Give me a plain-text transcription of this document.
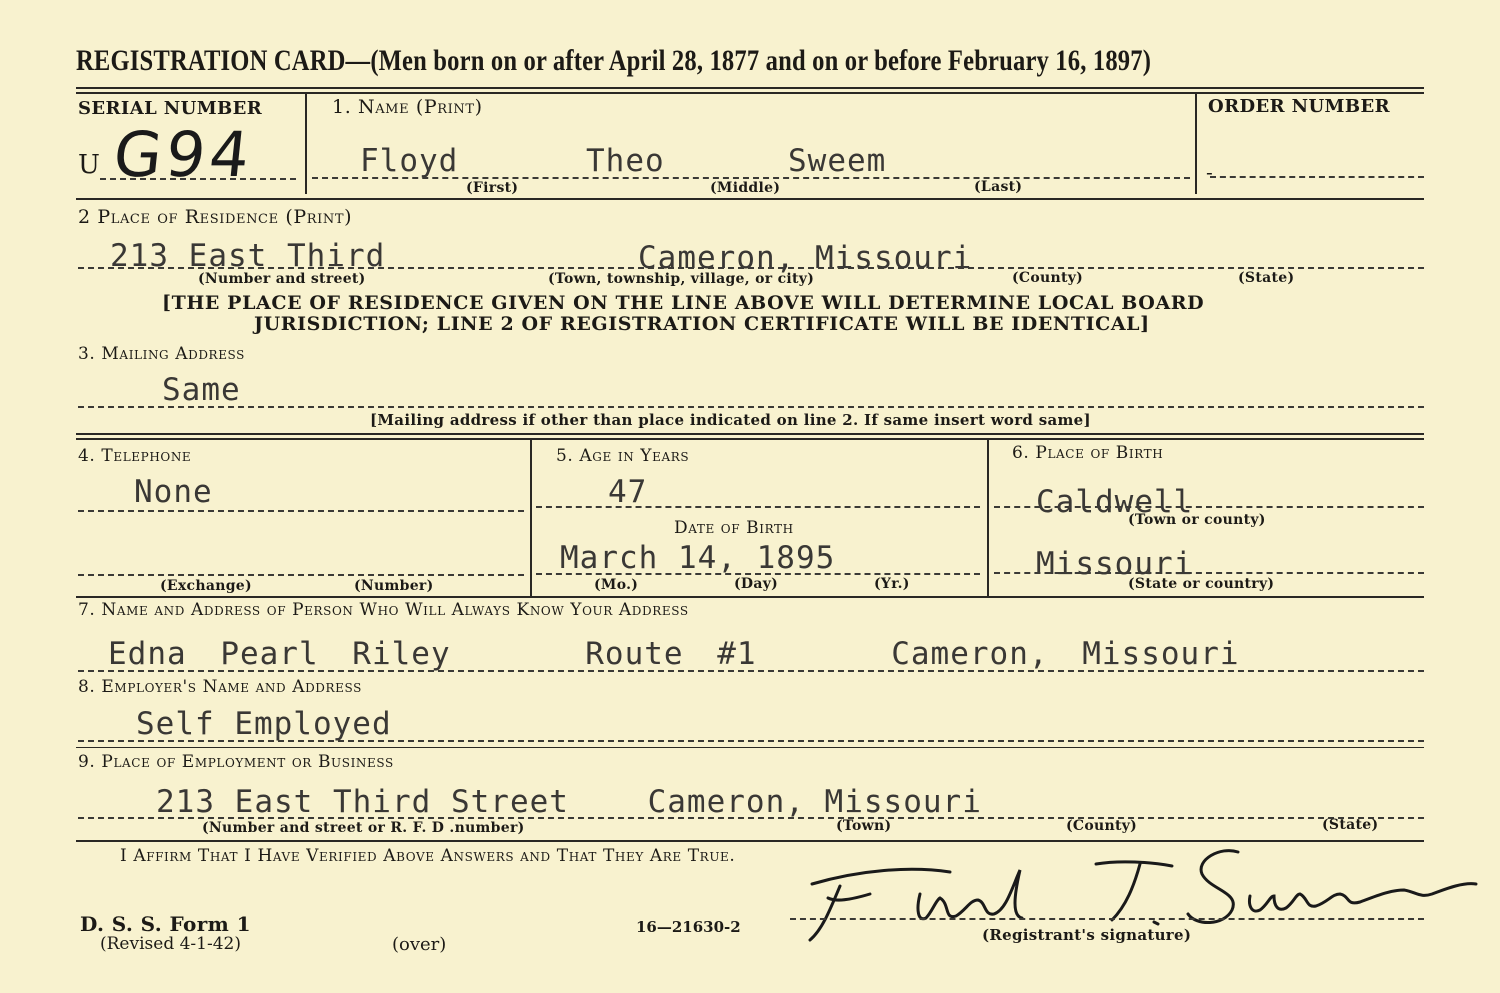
REGISTRATION CARD—(Men born on or after April 28, 1877 and on or before February 16, 1897)
SERIAL NUMBER
U G94
1. Name (Print)
Floyd	Theo	Sweem
(First)	(Middle)	(Last)
ORDER NUMBER
-
2 Place of Residence (Print)
213 East Third	Cameron, Missouri
(Number and street)	(Town, township, village, or city)	(County)	(State)
[THE PLACE OF RESIDENCE GIVEN ON THE LINE ABOVE WILL DETERMINE LOCAL BOARD
JURISDICTION; LINE 2 OF REGISTRATION CERTIFICATE WILL BE IDENTICAL]
3. Mailing Address
Same
[Mailing address if other than place indicated on line 2. If same insert word same]
4. Telephone
None
(Exchange)	(Number)
5. Age in Years
47
Date of Birth
March 14, 1895
(Mo.)	(Day)	(Yr.)
6. Place of Birth
Caldwell
(Town or county)
Missouri
(State or country)
7. Name and Address of Person Who Will Always Know Your Address
Edna Pearl Riley    Route #1    Cameron, Missouri
8. Employer's Name and Address
Self Employed
9. Place of Employment or Business
213 East Third Street    Cameron, Missouri
(Number and street or R. F. D .number)	(Town)	(County)	(State)
I Affirm That I Have Verified Above Answers and That They Are True.
(Registrant's signature)
D. S. S. Form 1
(Revised 4-1-42)	(over)
16—21630-2
